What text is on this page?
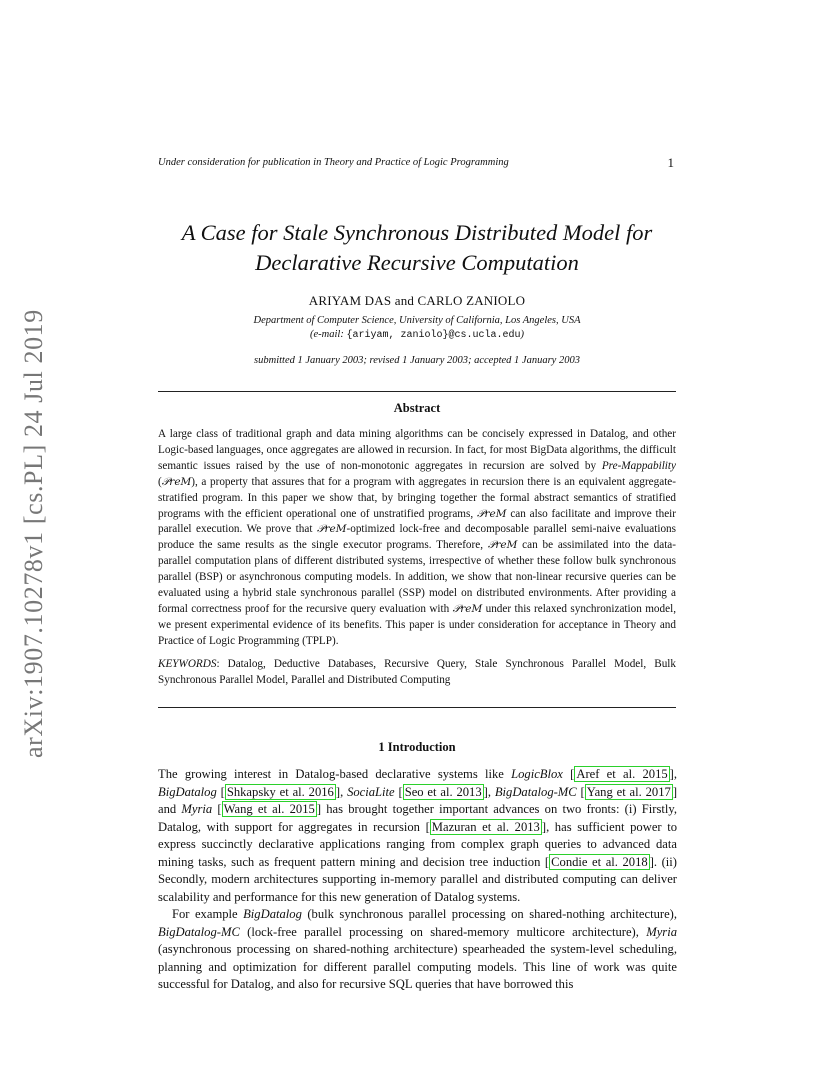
arXiv:1907.10278v1 [cs.PL] 24 Jul 2019
Under consideration for publication in Theory and Practice of Logic Programming	1
A Case for Stale Synchronous Distributed Model for
Declarative Recursive Computation
ARIYAM DAS and CARLO ZANIOLO
Department of Computer Science, University of California, Los Angeles, USA
(e-mail: {ariyam, zaniolo}@cs.ucla.edu)
submitted 1 January 2003; revised 1 January 2003; accepted 1 January 2003
Abstract
A large class of traditional graph and data mining algorithms can be concisely expressed in Datalog, and other Logic-based languages, once aggregates are allowed in recursion. In fact, for most BigData algorithms, the difficult semantic issues raised by the use of non-monotonic aggregates in recursion are solved by Pre-Mappability (𝒫reM), a property that assures that for a program with aggregates in recursion there is an equivalent aggregate-stratified program. In this paper we show that, by bringing together the formal abstract semantics of stratified programs with the efficient operational one of unstratified programs, 𝒫reM can also facilitate and improve their parallel execution. We prove that 𝒫reM-optimized lock-free and decomposable parallel semi-naive evaluations produce the same results as the single executor programs. Therefore, 𝒫reM can be assimilated into the data-parallel computation plans of different distributed systems, irrespective of whether these follow bulk synchronous parallel (BSP) or asynchronous computing models. In addition, we show that non-linear recursive queries can be evaluated using a hybrid stale synchronous parallel (SSP) model on distributed environments. After providing a formal correctness proof for the recursive query evaluation with 𝒫reM under this relaxed synchronization model, we present experimental evidence of its benefits. This paper is under consideration for acceptance in Theory and Practice of Logic Programming (TPLP).
KEYWORDS: Datalog, Deductive Databases, Recursive Query, Stale Synchronous Parallel Model, Bulk Synchronous Parallel Model, Parallel and Distributed Computing
1 Introduction

The growing interest in Datalog-based declarative systems like LogicBlox [ Aref et al. 2015 ], BigDatalog [ Shkapsky et al. 2016 ], SociaLite [ Seo et al. 2013 ], BigDatalog-MC [ Yang et al. 2017 ] and Myria [ Wang et al. 2015 ] has brought together important advances on two fronts: (i) Firstly, Datalog, with support for aggregates in recursion [ Mazuran et al. 2013 ], has sufficient power to express succinctly declarative applications ranging from complex graph queries to advanced data mining tasks, such as frequent pattern mining and decision tree induction [ Condie et al. 2018 ]. (ii) Secondly, modern architectures supporting in-memory parallel and distributed computing can deliver scalability and performance for this new generation of Datalog systems.

For example BigDatalog (bulk synchronous parallel processing on shared-nothing architecture), BigDatalog-MC (lock-free parallel processing on shared-memory multicore architecture), Myria (asynchronous processing on shared-nothing architecture) spearheaded the system-level scheduling, planning and optimization for different parallel computing models. This line of work was quite successful for Datalog, and also for recursive SQL queries that have borrowed this
